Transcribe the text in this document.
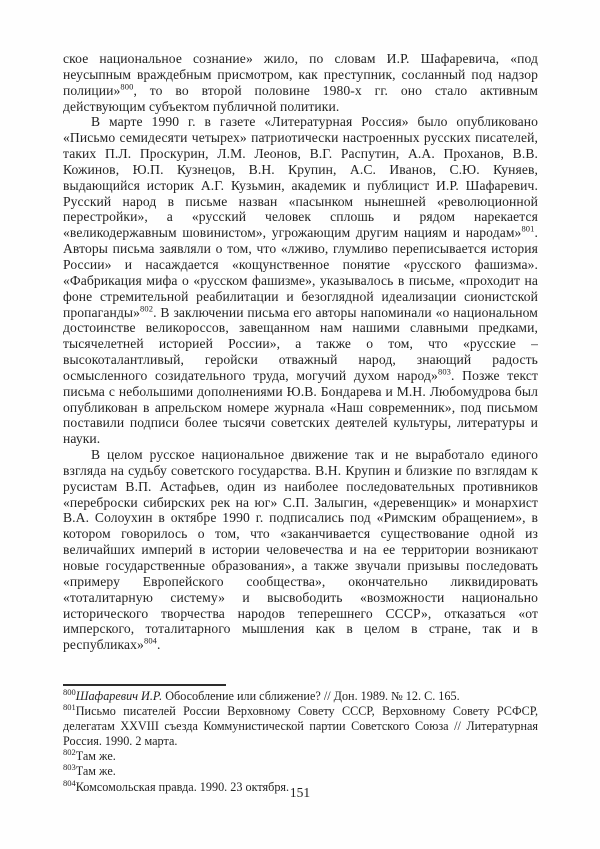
ское национальное сознание» жило, по словам И.Р. Шафаревича, «под неусыпным враждебным присмотром, как преступник, сосланный под надзор полиции»$^{800}$, то во второй половине 1980-х гг. оно стало активным действующим субъектом публичной политики.

В марте 1990 г. в газете «Литературная Россия» было опубликовано «Письмо семидесяти четырех» патриотически настроенных русских писателей, таких П.Л. Проскурин, Л.М. Леонов, В.Г. Распутин, А.А. Проханов, В.В. Кожинов, Ю.П. Кузнецов, В.Н. Крупин, А.С. Иванов, С.Ю. Куняев, выдающийся историк А.Г. Кузьмин, академик и публицист И.Р. Шафаревич. Русский народ в письме назван «пасынком нынешней «революционной перестройки», а «русский человек сплошь и рядом нарекается «великодержавным шовинистом», угрожающим другим нациям и народам»$^{801}$. Авторы письма заявляли о том, что «лживо, глумливо переписывается история России» и насаждается «кощунственное понятие «русского фашизма». «Фабрикация мифа о «русском фашизме», указывалось в письме, «проходит на фоне стремительной реабилитации и безоглядной идеализации сионистской пропаганды»$^{802}$. В заключении письма его авторы напоминали «о национальном достоинстве великороссов, завещанном нам нашими славными предками, тысячелетней историей России», а также о том, что «русские – высокоталантливый, геройски отважный народ, знающий радость осмысленного созидательного труда, могучий духом народ»$^{803}$. Позже текст письма с небольшими дополнениями Ю.В. Бондарева и М.Н. Любомудрова был опубликован в апрельском номере журнала «Наш современник», под письмом поставили подписи более тысячи советских деятелей культуры, литературы и науки.

В целом русское национальное движение так и не выработало единого взгляда на судьбу советского государства. В.Н. Крупин и близкие по взглядам к русистам В.П. Астафьев, один из наиболее последовательных противников «переброски сибирских рек на юг» С.П. Залыгин, «деревенщик» и монархист В.А. Солоухин в октябре 1990 г. подписались под «Римским обращением», в котором говорилось о том, что «заканчивается существование одной из величайших империй в истории человечества и на ее территории возникают новые государственные образования», а также звучали призывы последовать «примеру Европейского сообщества», окончательно ликвидировать «тоталитарную систему» и высвободить «возможности национально исторического творчества народов теперешнего СССР», отказаться «от имперского, тоталитарного мышления как в целом в стране, так и в республиках»$^{804}$.

$^{800}$Шафаревич И.Р. Обособление или сближение? // Дон. 1989. № 12. С. 165.

$^{801}$Письмо писателей России Верховному Совету СССР, Верховному Совету РСФСР, делегатам XXVIII съезда Коммунистической партии Советского Союза // Литературная Россия. 1990. 2 марта.

$^{802}$Там же.

$^{803}$Там же.

$^{804}$Комсомольская правда. 1990. 23 октября. 151
